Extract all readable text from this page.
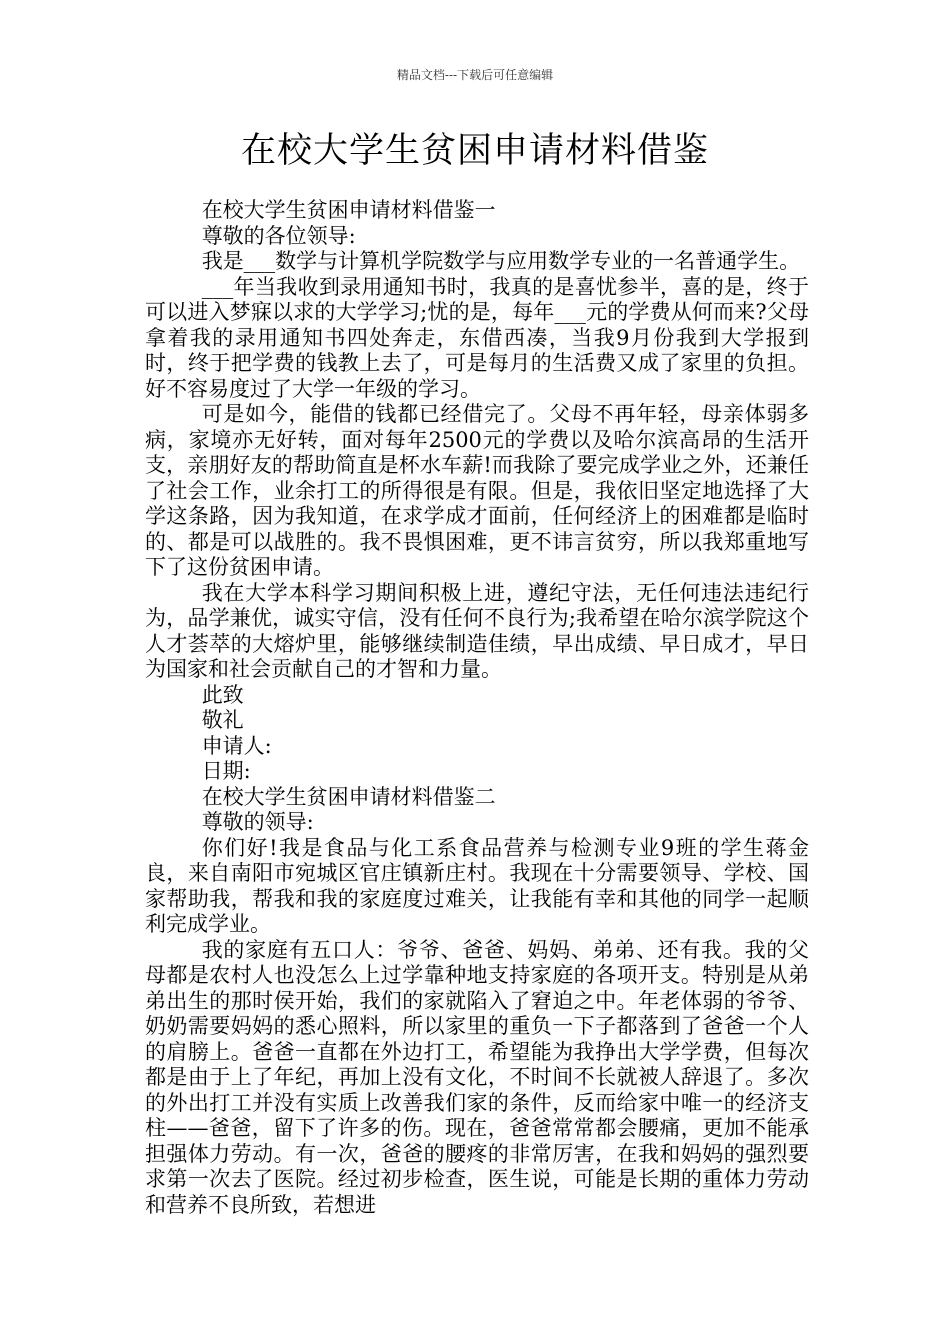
精品文档---下载后可任意编辑
在校大学生贫困申请材料借鉴

在校大学生贫困申请材料借鉴一

尊敬的各位领导:

我是___数学与计算机学院数学与应用数学专业的一名普通学生。

___年当我收到录用通知书时，我真的是喜忧参半，喜的是，终于可以进入梦寐以求的大学学习;忧的是，每年___元的学费从何而来?父母拿着我的录用通知书四处奔走，东借西凑，当我9月份我到大学报到时，终于把学费的钱教上去了，可是每月的生活费又成了家里的负担。好不容易度过了大学一年级的学习。

可是如今，能借的钱都已经借完了。父母不再年轻，母亲体弱多病，家境亦无好转，面对每年2500元的学费以及哈尔滨高昂的生活开支，亲朋好友的帮助简直是杯水车薪!而我除了要完成学业之外，还兼任了社会工作，业余打工的所得很是有限。但是，我依旧坚定地选择了大学这条路，因为我知道，在求学成才面前，任何经济上的困难都是临时的、都是可以战胜的。我不畏惧困难，更不讳言贫穷，所以我郑重地写下了这份贫困申请。

我在大学本科学习期间积极上进，遵纪守法，无任何违法违纪行为，品学兼优，诚实守信，没有任何不良行为;我希望在哈尔滨学院这个人才荟萃的大熔炉里，能够继续制造佳绩，早出成绩、早日成才，早日为国家和社会贡献自己的才智和力量。

此致

敬礼

申请人:

日期:

在校大学生贫困申请材料借鉴二

尊敬的领导:

你们好!我是食品与化工系食品营养与检测专业9班的学生蒋金良，来自南阳市宛城区官庄镇新庄村。我现在十分需要领导、学校、国家帮助我，帮我和我的家庭度过难关，让我能有幸和其他的同学一起顺利完成学业。

我的家庭有五口人：爷爷、爸爸、妈妈、弟弟、还有我。我的父母都是农村人也没怎么上过学靠种地支持家庭的各项开支。特别是从弟弟出生的那时侯开始，我们的家就陷入了窘迫之中。年老体弱的爷爷、奶奶需要妈妈的悉心照料，所以家里的重负一下子都落到了爸爸一个人的肩膀上。爸爸一直都在外边打工，希望能为我挣出大学学费，但每次都是由于上了年纪，再加上没有文化，不时间不长就被人辞退了。多次的外出打工并没有实质上改善我们家的条件，反而给家中唯一的经济支柱——爸爸，留下了许多的伤。现在，爸爸常常都会腰痛，更加不能承担强体力劳动。有一次，爸爸的腰疼的非常厉害，在我和妈妈的强烈要求第一次去了医院。经过初步检查，医生说，可能是长期的重体力劳动和营养不良所致，若想进
